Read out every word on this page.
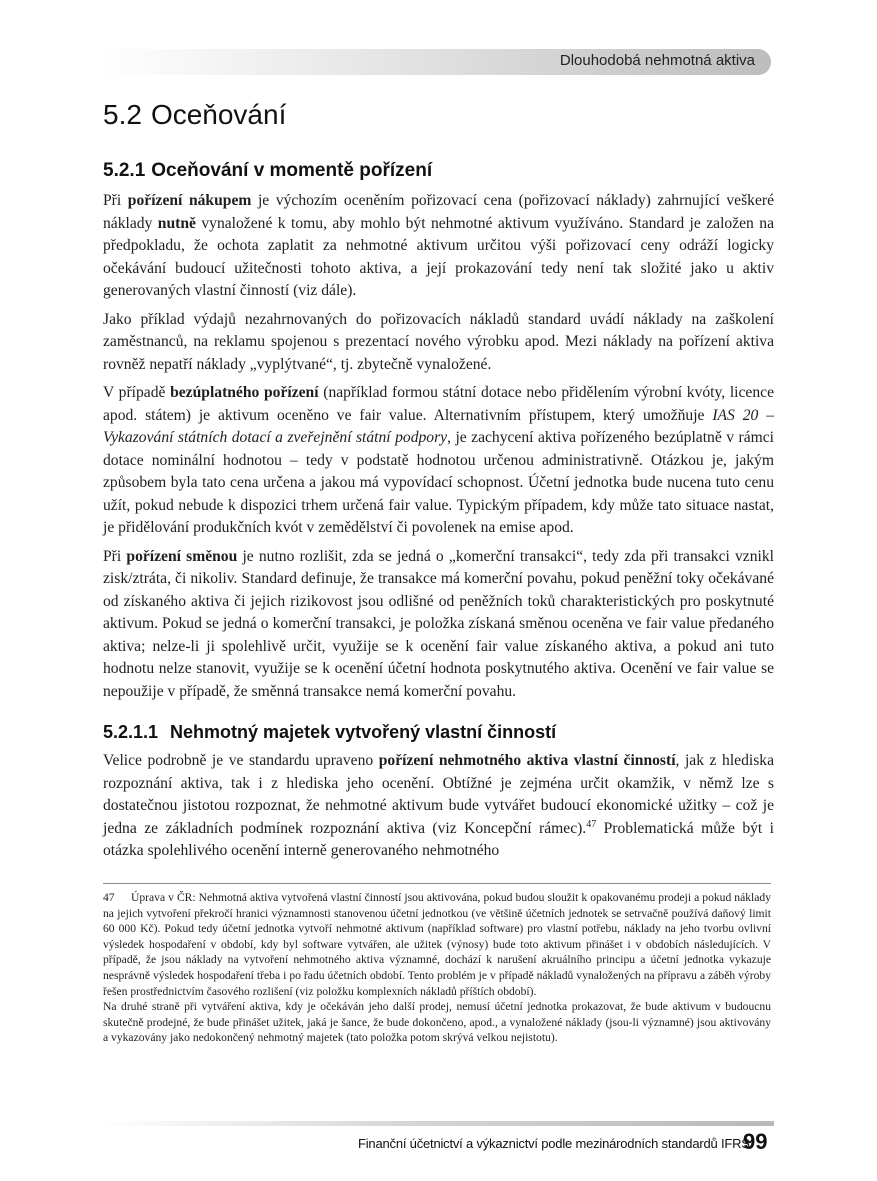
Dlouhodobá nehmotná aktiva
5.2 Oceňování
5.2.1 Oceňování v momentě pořízení

Při pořízení nákupem je výchozím oceněním pořizovací cena (pořizovací náklady) zahrnující veškeré náklady nutně vynaložené k tomu, aby mohlo být nehmotné aktivum využíváno. Standard je založen na předpokladu, že ochota zaplatit za nehmotné aktivum určitou výši pořizovací ceny odráží logicky očekávání budoucí užitečnosti tohoto aktiva, a její prokazování tedy není tak složité jako u aktiv generovaných vlastní činností (viz dále).

Jako příklad výdajů nezahrnovaných do pořizovacích nákladů standard uvádí náklady na zaškolení zaměstnanců, na reklamu spojenou s prezentací nového výrobku apod. Mezi náklady na pořízení aktiva rovněž nepatří náklady „vyplýtvané“, tj. zbytečně vynaložené.

V případě bezúplatného pořízení (například formou státní dotace nebo přidělením výrobní kvóty, licence apod. státem) je aktivum oceněno ve fair value. Alternativním přístupem, který umožňuje IAS 20 – Vykazování státních dotací a zveřejnění státní podpory, je zachycení aktiva pořízeného bezúplatně v rámci dotace nominální hodnotou – tedy v podstatě hodnotou určenou administrativně. Otázkou je, jakým způsobem byla tato cena určena a jakou má vypovídací schopnost. Účetní jednotka bude nucena tuto cenu užít, pokud nebude k dispozici trhem určená fair value. Typickým případem, kdy může tato situace nastat, je přidělování produkčních kvót v zemědělství či povolenek na emise apod.

Při pořízení směnou je nutno rozlišit, zda se jedná o „komerční transakci“, tedy zda při transakci vznikl zisk/ztráta, či nikoliv. Standard definuje, že transakce má komerční povahu, pokud peněžní toky očekávané od získaného aktiva či jejich rizikovost jsou odlišné od peněžních toků charakteristických pro poskytnuté aktivum. Pokud se jedná o komerční transakci, je položka získaná směnou oceněna ve fair value předaného aktiva; nelze-li ji spolehlivě určit, využije se k ocenění fair value získaného aktiva, a pokud ani tuto hodnotu nelze stanovit, využije se k ocenění účetní hodnota poskytnutého aktiva. Ocenění ve fair value se nepoužije v případě, že směnná transakce nemá komerční povahu.

5.2.1.1 Nehmotný majetek vytvořený vlastní činností

Velice podrobně je ve standardu upraveno pořízení nehmotného aktiva vlastní činností, jak z hlediska rozpoznání aktiva, tak i z hlediska jeho ocenění. Obtížné je zejména určit okamžik, v němž lze s dostatečnou jistotou rozpoznat, že nehmotné aktivum bude vytvářet budoucí ekonomické užitky – což je jedna ze základních podmínek rozpoznání aktiva (viz Koncepční rámec).$^{47}$ Problematická může být i otázka spolehlivého ocenění interně generovaného nehmotného

47 Úprava v ČR: Nehmotná aktiva vytvořená vlastní činností jsou aktivována, pokud budou sloužit k opakovanému prodeji a pokud náklady na jejich vytvoření překročí hranici významnosti stanovenou účetní jednotkou (ve většině účetních jednotek se setrvačně používá daňový limit 60 000 Kč). Pokud tedy účetní jednotka vytvoří nehmotné aktivum (například software) pro vlastní potřebu, náklady na jeho tvorbu ovlivní výsledek hospodaření v období, kdy byl software vytvářen, ale užitek (výnosy) bude toto aktivum přinášet i v obdobích následujících. V případě, že jsou náklady na vytvoření nehmotného aktiva významné, dochází k narušení akruálního principu a účetní jednotka vykazuje nesprávně výsledek hospodaření třeba i po řadu účetních období. Tento problém je v případě nákladů vynaložených na přípravu a záběh výroby řešen prostřednictvím časového rozlišení (viz položku komplexních nákladů příštích období).

Na druhé straně při vytváření aktiva, kdy je očekáván jeho další prodej, nemusí účetní jednotka prokazovat, že bude aktivum v budoucnu skutečně prodejné, že bude přinášet užitek, jaká je šance, že bude dokončeno, apod., a vynaložené náklady (jsou-li významné) jsou aktivovány a vykazovány jako nedokončený nehmotný majetek (tato položka potom skrývá velkou nejistotu).

Finanční účetnictví a výkaznictví podle mezinárodních standardů IFRS
99
